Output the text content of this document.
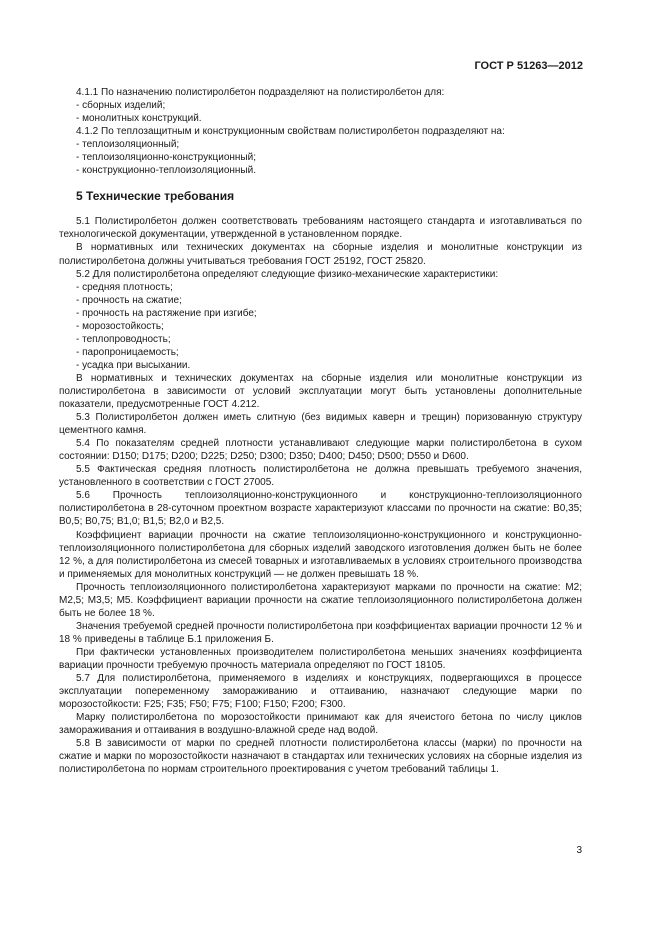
ГОСТ Р 51263—2012
4.1.1 По назначению полистиролбетон подразделяют на полистиролбетон для:
- сборных изделий;
- монолитных конструкций.
4.1.2 По теплозащитным и конструкционным свойствам полистиролбетон подразделяют на:
- теплоизоляционный;
- теплоизоляционно-конструкционный;
- конструкционно-теплоизоляционный.
5 Технические требования
5.1 Полистиролбетон должен соответствовать требованиям настоящего стандарта и изготавливаться по технологической документации, утвержденной в установленном порядке.
В нормативных или технических документах на сборные изделия и монолитные конструкции из полистиролбетона должны учитываться требования ГОСТ 25192, ГОСТ 25820.
5.2 Для полистиролбетона определяют следующие физико-механические характеристики:
- средняя плотность;
- прочность на сжатие;
- прочность на растяжение при изгибе;
- морозостойкость;
- теплопроводность;
- паропроницаемость;
- усадка при высыхании.
В нормативных и технических документах на сборные изделия или монолитные конструкции из полистиролбетона в зависимости от условий эксплуатации могут быть установлены дополнительные показатели, предусмотренные ГОСТ 4.212.
5.3 Полистиролбетон должен иметь слитную (без видимых каверн и трещин) поризованную структуру цементного камня.
5.4 По показателям средней плотности устанавливают следующие марки полистиролбетона в сухом состоянии: D150; D175; D200; D225; D250; D300; D350; D400; D450; D500; D550 и D600.
5.5 Фактическая средняя плотность полистиролбетона не должна превышать требуемого значения, установленного в соответствии с ГОСТ 27005.
5.6 Прочность теплоизоляционно-конструкционного и конструкционно-теплоизоляционного полистиролбетона в 28-суточном проектном возрасте характеризуют классами по прочности на сжатие: В0,35; В0,5; В0,75; В1,0; В1,5; В2,0 и В2,5.
Коэффициент вариации прочности на сжатие теплоизоляционно-конструкционного и конструкционно-теплоизоляционного полистиролбетона для сборных изделий заводского изготовления должен быть не более 12 %, а для полистиролбетона из смесей товарных и изготавливаемых в условиях строительного производства и применяемых для монолитных конструкций — не должен превышать 18 %.
Прочность теплоизоляционного полистиролбетона характеризуют марками по прочности на сжатие: М2; М2,5; М3,5; М5. Коэффициент вариации прочности на сжатие теплоизоляционного полистиролбетона должен быть не более 18 %.
Значения требуемой средней прочности полистиролбетона при коэффициентах вариации прочности 12 % и 18 % приведены в таблице Б.1 приложения Б.
При фактически установленных производителем полистиролбетона меньших значениях коэффициента вариации прочности требуемую прочность материала определяют по ГОСТ 18105.
5.7 Для полистиролбетона, применяемого в изделиях и конструкциях, подвергающихся в процессе эксплуатации попеременному замораживанию и оттаиванию, назначают следующие марки по морозостойкости: F25; F35; F50; F75; F100; F150; F200; F300.
Марку полистиролбетона по морозостойкости принимают как для ячеистого бетона по числу циклов замораживания и оттаивания в воздушно-влажной среде над водой.
5.8 В зависимости от марки по средней плотности полистиролбетона классы (марки) по прочности на сжатие и марки по морозостойкости назначают в стандартах или технических условиях на сборные изделия из полистиролбетона по нормам строительного проектирования с учетом требований таблицы 1.
3
